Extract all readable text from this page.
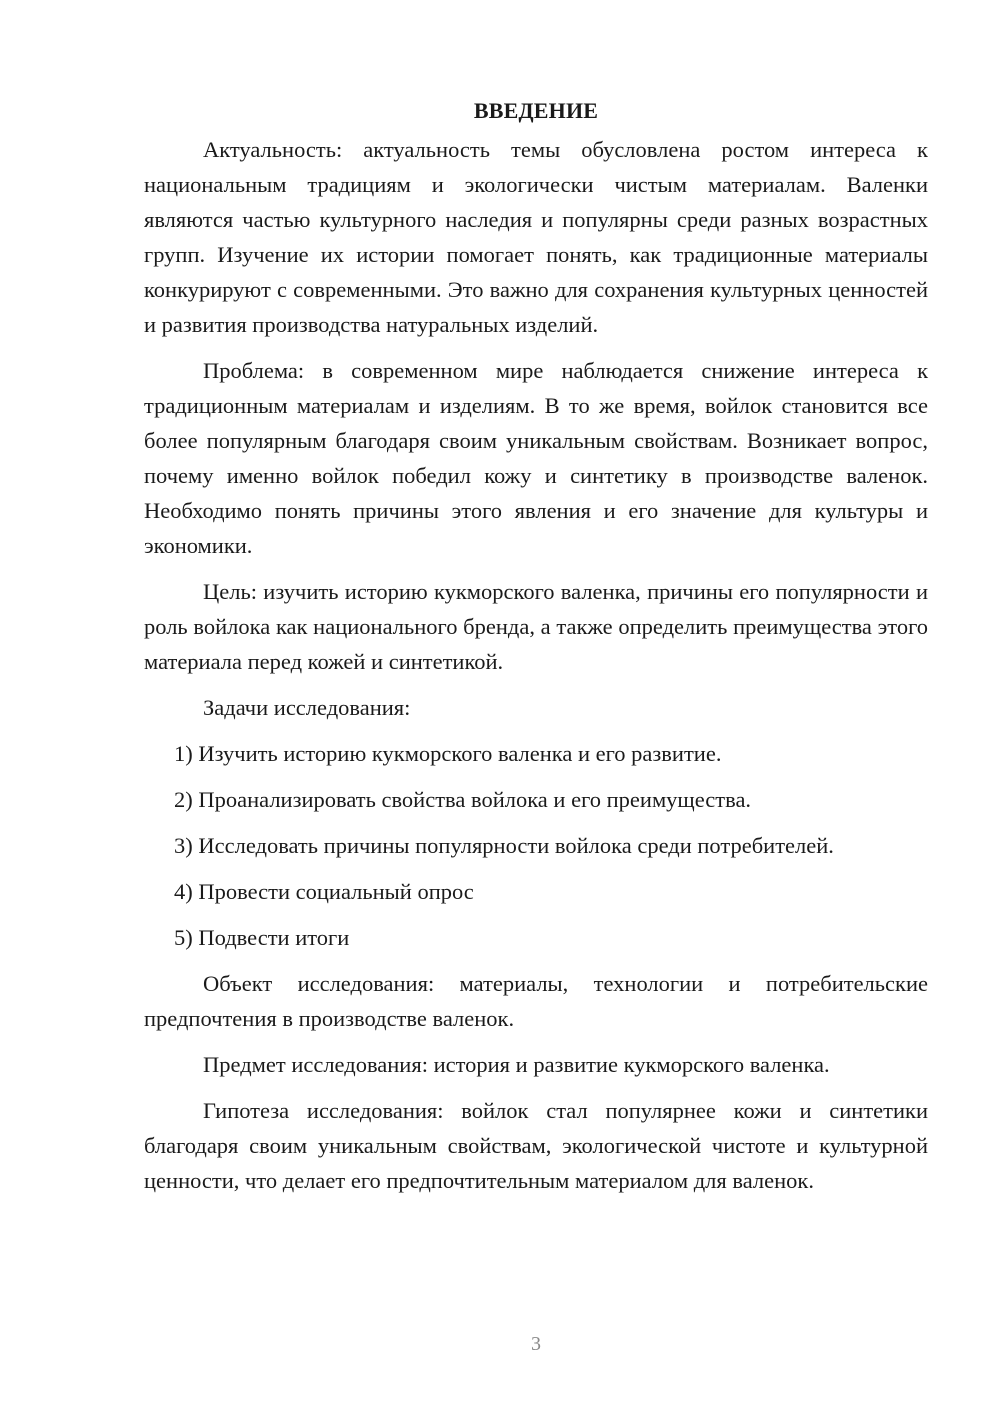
ВВЕДЕНИЕ

Актуальность: актуальность темы обусловлена ростом интереса к национальным традициям и экологически чистым материалам. Валенки являются частью культурного наследия и популярны среди разных возрастных групп. Изучение их истории помогает понять, как традиционные материалы конкурируют с современными. Это важно для сохранения культурных ценностей и развития производства натуральных изделий.

Проблема: в современном мире наблюдается снижение интереса к традиционным материалам и изделиям. В то же время, войлок становится все более популярным благодаря своим уникальным свойствам. Возникает вопрос, почему именно войлок победил кожу и синтетику в производстве валенок. Необходимо понять причины этого явления и его значение для культуры и экономики.

Цель: изучить историю кукморского валенка, причины его популярности и роль войлока как национального бренда, а также определить преимущества этого материала перед кожей и синтетикой.

Задачи исследования:

1) Изучить историю кукморского валенка и его развитие.
2) Проанализировать свойства войлока и его преимущества.
3) Исследовать причины популярности войлока среди потребителей.
4) Провести социальный опрос
5) Подвести итоги

Объект исследования: материалы, технологии и потребительские предпочтения в производстве валенок.

Предмет исследования: история и развитие кукморского валенка.

Гипотеза исследования: войлок стал популярнее кожи и синтетики благодаря своим уникальным свойствам, экологической чистоте и культурной ценности, что делает его предпочтительным материалом для валенок.

3
